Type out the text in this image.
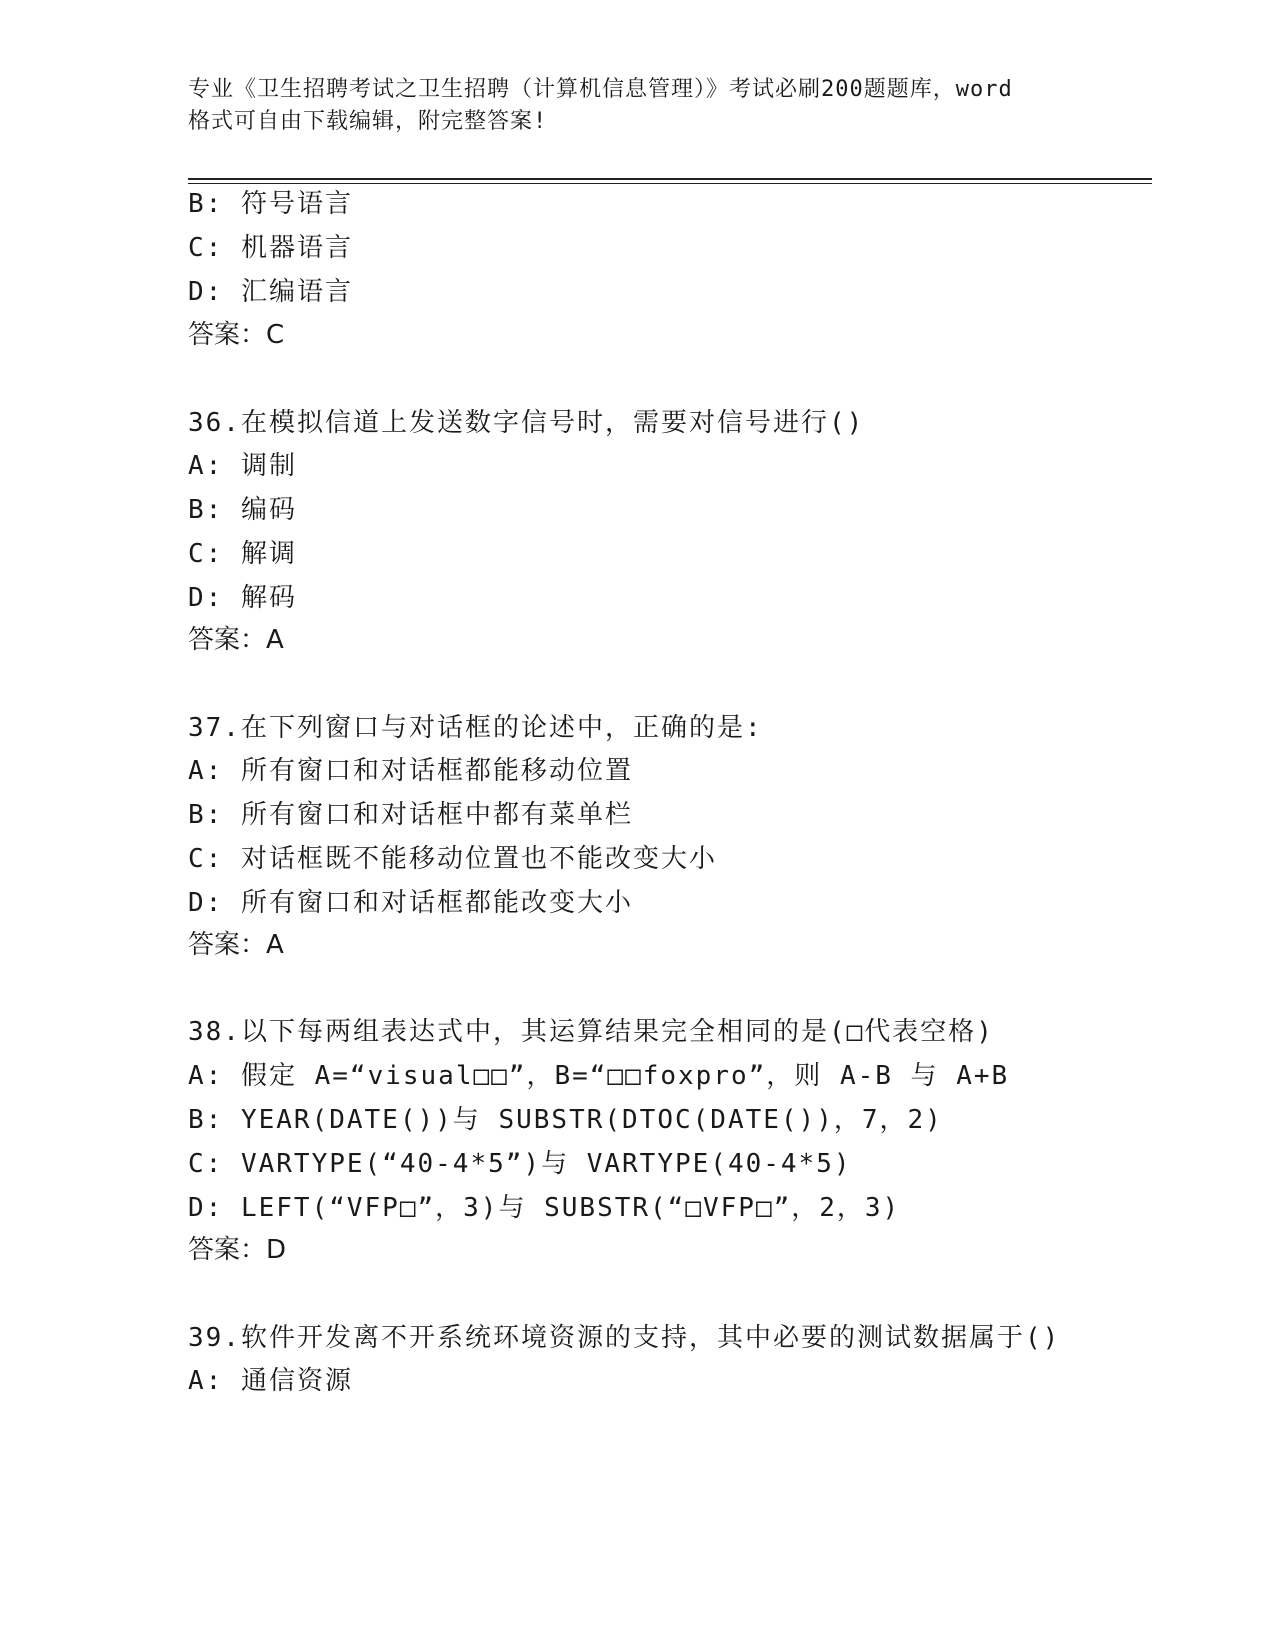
专业《卫生招聘考试之卫生招聘（计算机信息管理）》考试必刷200题题库，word
格式可自由下载编辑，附完整答案!
B: 符号语言
C: 机器语言
D: 汇编语言
答案：C
36.在模拟信道上发送数字信号时，需要对信号进行()
A: 调制
B: 编码
C: 解调
D: 解码
答案：A
37.在下列窗口与对话框的论述中，正确的是:
A: 所有窗口和对话框都能移动位置
B: 所有窗口和对话框中都有菜单栏
C: 对话框既不能移动位置也不能改变大小
D: 所有窗口和对话框都能改变大小
答案：A
38.以下每两组表达式中，其运算结果完全相同的是(□代表空格)
A: 假定 A=“visual□□”，B=“□□foxpro”，则 A-B 与 A+B
B: YEAR(DATE())与 SUBSTR(DTOC(DATE())，7，2)
C: VARTYPE(“40-4*5”)与 VARTYPE(40-4*5)
D: LEFT(“VFP□”，3)与 SUBSTR(“□VFP□”，2，3)
答案：D
39.软件开发离不开系统环境资源的支持，其中必要的测试数据属于()
A: 通信资源
